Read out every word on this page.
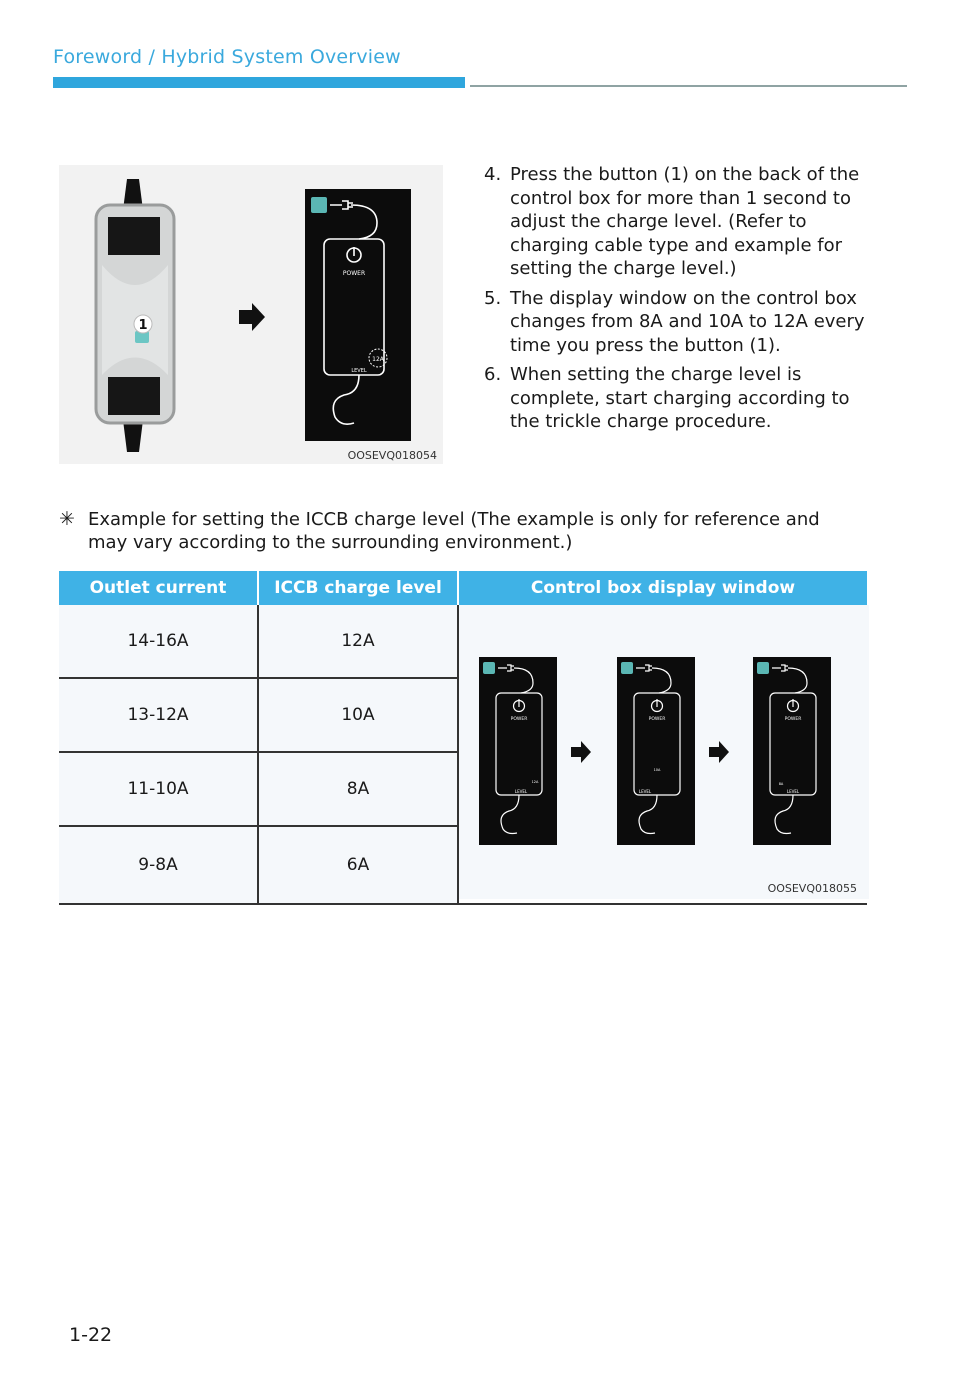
Foreword / Hybrid System Overview
1
POWER
12A
LEVEL
OOSEVQ018054
4. Press the button (1) on the back of the control box for more than 1 second to adjust the charge level. (Refer to charging cable type and example for setting the charge level.)
5. The display window on the control box changes from 8A and 10A to 12A every time you press the button (1).
6. When setting the charge level is complete, start charging according to the trickle charge procedure.
✳ Example for setting the ICCB charge level (The example is only for reference and may vary according to the surrounding environment.)
Outlet current	ICCB charge level	Control box display window
14-16A	12A
13-12A	10A
11-10A	8A
9-8A	6A
POWER
12A
LEVEL
POWER
10A
LEVEL
POWER
8A
LEVEL
OOSEVQ018055
1-22
